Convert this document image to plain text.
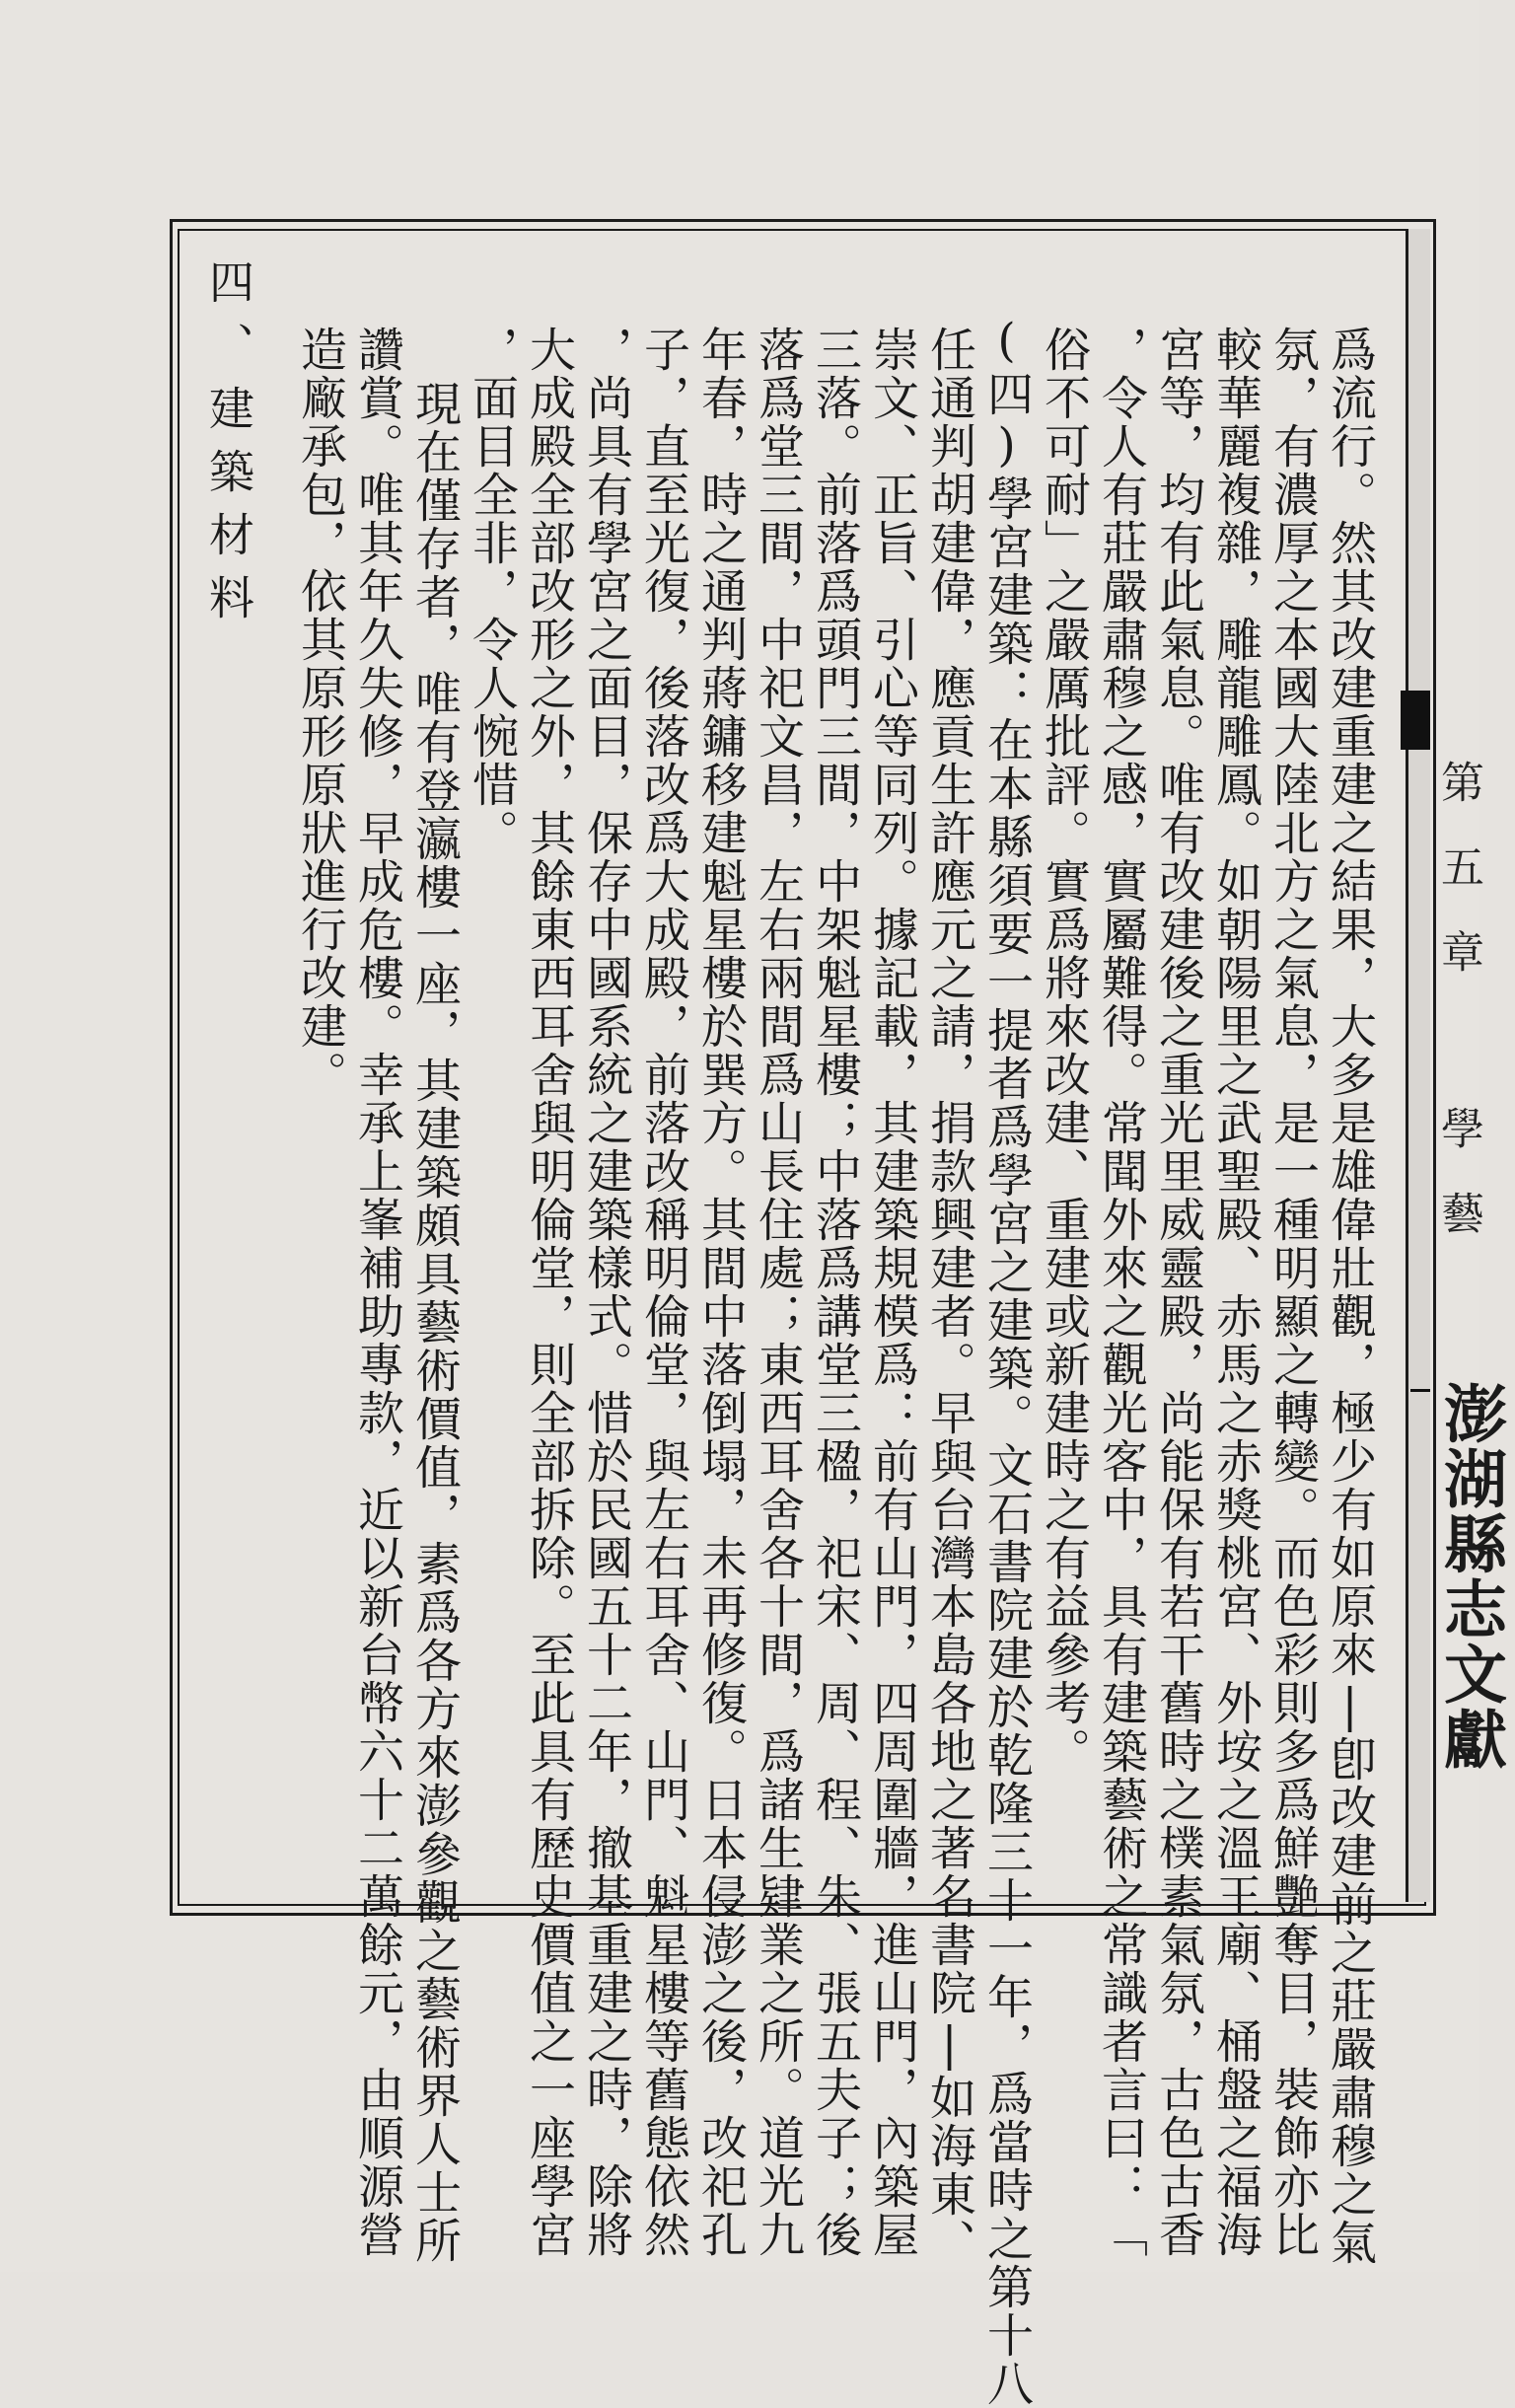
第五章 學藝
澎湖縣志文獻
爲流行。然其改建重建之結果，大多是雄偉壯觀，極少有如原來|卽改建前之莊嚴肅穆之氣
氛，有濃厚之本國大陸北方之氣息，是一種明顯之轉變。而色彩則多爲鮮艷奪目，裝飾亦比
較華麗複雜，雕龍雕鳳。如朝陽里之武聖殿、赤馬之赤獎桃宮、外垵之溫王廟、桶盤之福海
宮等，均有此氣息。唯有改建後之重光里威靈殿，尚能保有若干舊時之樸素氣氛，古色古香
，令人有莊嚴肅穆之感，實屬難得。常聞外來之觀光客中，具有建築藝術之常識者言曰：「
俗不可耐」之嚴厲批評。實爲將來改建、重建或新建時之有益參考。
(四)學宮建築：在本縣須要一提者爲學宮之建築。文石書院建於乾隆三十一年，爲當時之第十八
任通判胡建偉，應貢生許應元之請，捐款興建者。早與台灣本島各地之著名書院|如海東、
崇文、正旨、引心等同列。據記載，其建築規模爲：前有山門，四周圍牆，進山門，內築屋
三落。前落爲頭門三間，中架魁星樓；中落爲講堂三楹，祀宋、周、程、朱、張五夫子；後
落爲堂三間，中祀文昌，左右兩間爲山長住處；東西耳舍各十間，爲諸生肄業之所。道光九
年春，時之通判蔣鏞移建魁星樓於巽方。其間中落倒塌，未再修復。日本侵澎之後，改祀孔
子，直至光復，後落改爲大成殿，前落改稱明倫堂，與左右耳舍、山門、魁星樓等舊態依然
，尚具有學宮之面目，保存中國系統之建築樣式。惜於民國五十二年，撤基重建之時，除將
大成殿全部改形之外，其餘東西耳舍與明倫堂，則全部拆除。至此具有歷史價值之一座學宮
，面目全非，令人惋惜。
現在僅存者，唯有登瀛樓一座，其建築頗具藝術價值，素爲各方來澎參觀之藝術界人士所
讚賞。唯其年久失修，早成危樓。幸承上峯補助專款，近以新台幣六十二萬餘元，由順源營
造廠承包，依其原形原狀進行改建。
四、建築材料
